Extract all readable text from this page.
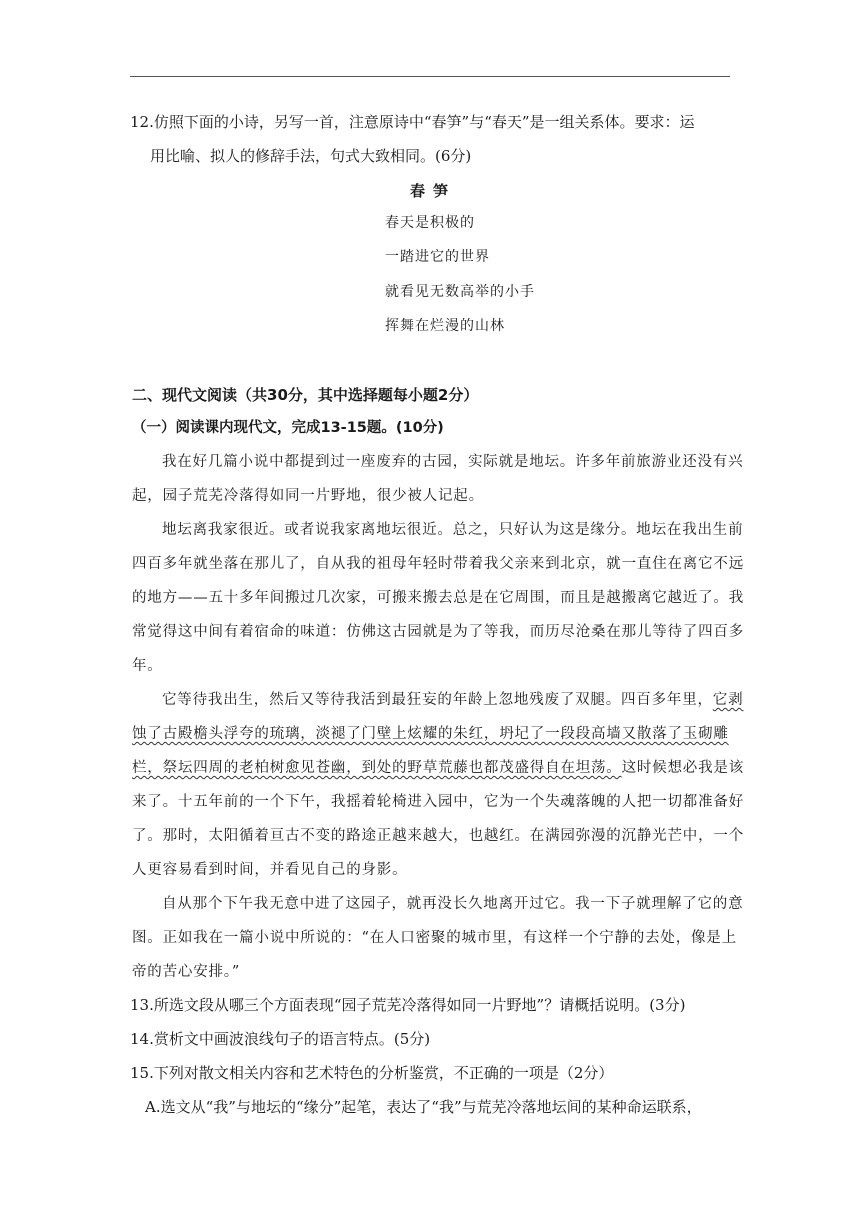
12.仿照下面的小诗，另写一首，注意原诗中“春笋”与“春天”是一组关系体。要求：运
用比喻、拟人的修辞手法，句式大致相同。(6分)
春笋
春天是积极的
一踏进它的世界
就看见无数高举的小手
挥舞在烂漫的山林
二、现代文阅读（共30分，其中选择题每小题2分）
（一）阅读课内现代文，完成13-15题。(10分)
我在好几篇小说中都提到过一座废弃的古园，实际就是地坛。许多年前旅游业还没有兴
起，园子荒芜冷落得如同一片野地，很少被人记起。
地坛离我家很近。或者说我家离地坛很近。总之，只好认为这是缘分。地坛在我出生前
四百多年就坐落在那儿了，自从我的祖母年轻时带着我父亲来到北京，就一直住在离它不远
的地方——五十多年间搬过几次家，可搬来搬去总是在它周围，而且是越搬离它越近了。我
常觉得这中间有着宿命的味道：仿佛这古园就是为了等我，而历尽沧桑在那儿等待了四百多
年。
它等待我出生，然后又等待我活到最狂妄的年龄上忽地残废了双腿。四百多年里，它剥
蚀了古殿檐头浮夸的琉璃，淡褪了门壁上炫耀的朱红，坍圮了一段段高墙又散落了玉砌雕
栏，祭坛四周的老柏树愈见苍幽，到处的野草荒藤也都茂盛得自在坦荡。这时候想必我是该
来了。十五年前的一个下午，我摇着轮椅进入园中，它为一个失魂落魄的人把一切都准备好
了。那时，太阳循着亘古不变的路途正越来越大，也越红。在满园弥漫的沉静光芒中，一个
人更容易看到时间，并看见自己的身影。
自从那个下午我无意中进了这园子，就再没长久地离开过它。我一下子就理解了它的意
图。正如我在一篇小说中所说的：“在人口密聚的城市里，有这样一个宁静的去处，像是上
帝的苦心安排。”
13.所选文段从哪三个方面表现“园子荒芜冷落得如同一片野地”？请概括说明。(3分)
14.赏析文中画波浪线句子的语言特点。(5分)
15.下列对散文相关内容和艺术特色的分析鉴赏，不正确的一项是（2分）
A.选文从“我”与地坛的“缘分”起笔，表达了“我”与荒芜冷落地坛间的某种命运联系，
